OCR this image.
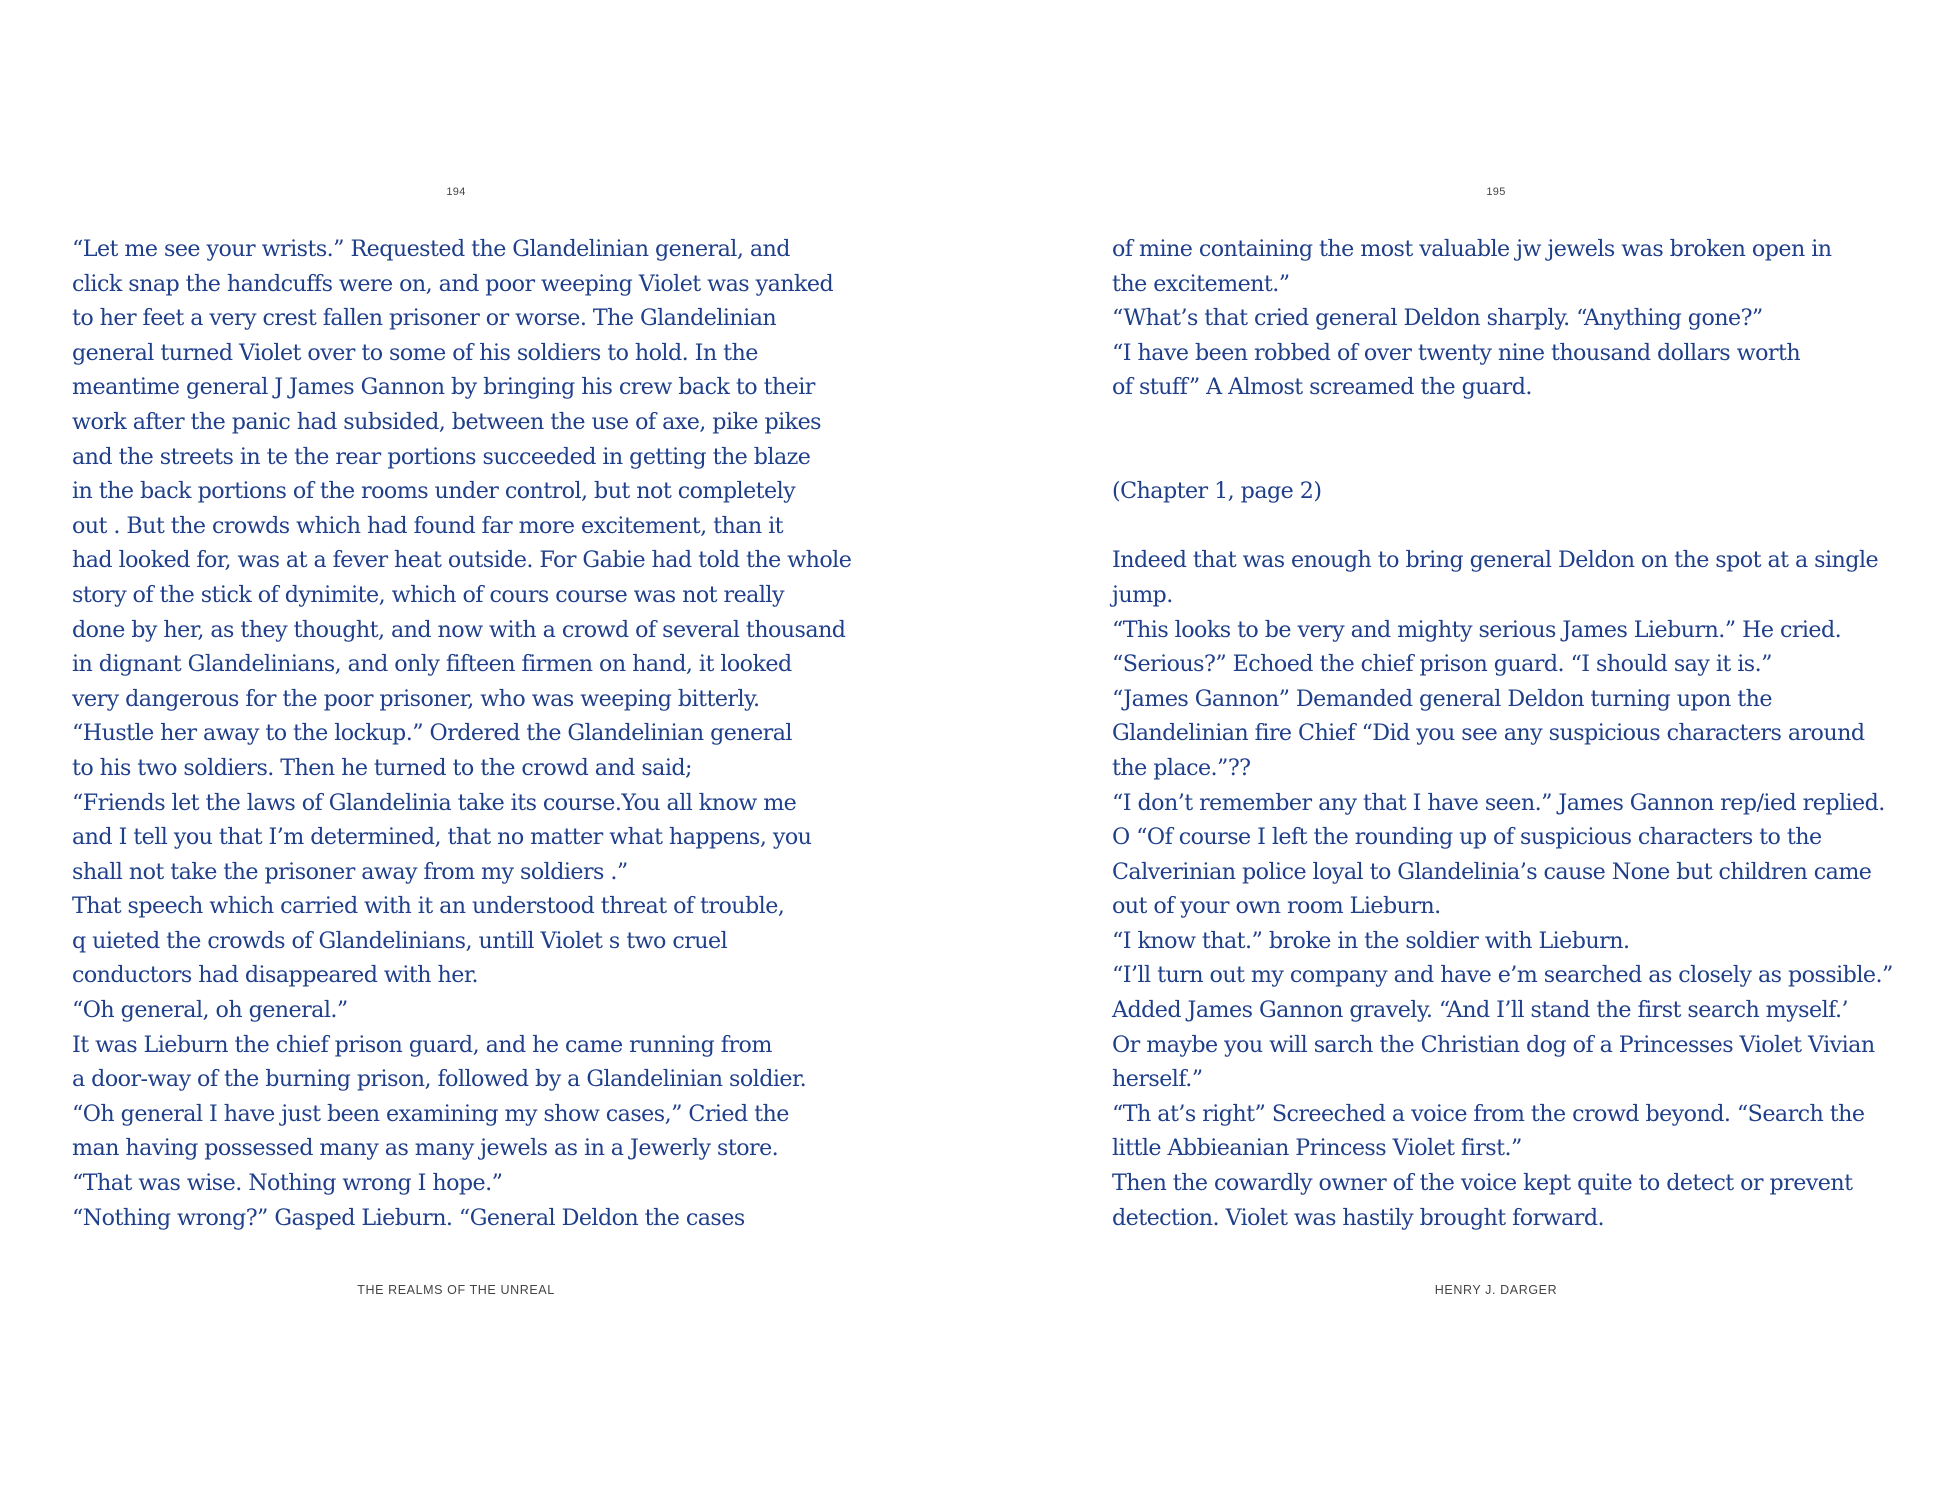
194
“Let me see your wrists.” Requested the Glandelinian general, and
click snap the handcuffs were on, and poor weeping Violet was yanked
to her feet a very crest fallen prisoner or worse. The Glandelinian
general turned Violet over to some of his soldiers to hold. In the
meantime general J James Gannon by bringing his crew back to their
work after the panic had subsided, between the use of axe, pike pikes
and the streets in te the rear portions succeeded in getting the blaze
in the back portions of the rooms under control, but not completely
out . But the crowds which had found far more excitement, than it
had looked for, was at a fever heat outside. For Gabie had told the whole
story of the stick of dynimite, which of cours course was not really
done by her, as they thought, and now with a crowd of several thousand
in dignant Glandelinians, and only fifteen firmen on hand, it looked
very dangerous for the poor prisoner, who was weeping bitterly.
“Hustle her away to the lockup.” Ordered the Glandelinian general
to his two soldiers. Then he turned to the crowd and said;
“Friends let the laws of Glandelinia take its course.You all know me
and I tell you that I’m determined, that no matter what happens, you
shall not take the prisoner away from my soldiers .”
That speech which carried with it an understood threat of trouble,
q uieted the crowds of Glandelinians, untill Violet s two cruel
conductors had disappeared with her.
“Oh general, oh general.”
It was Lieburn the chief prison guard, and he came running from
a door-way of the burning prison, followed by a Glandelinian soldier.
“Oh general I have just been examining my show cases,” Cried the
man having possessed many as many jewels as in a Jewerly store.
“That was wise. Nothing wrong I hope.”
“Nothing wrong?” Gasped Lieburn. “General Deldon the cases
THE REALMS OF THE UNREAL
195
of mine containing the most valuable jw jewels was broken open in
the excitement.”
“What’s that cried general Deldon sharply. “Anything gone?”
“I have been robbed of over twenty nine thousand dollars worth
of stuff” A Almost screamed the guard.
(Chapter 1, page 2)
Indeed that was enough to bring general Deldon on the spot at a single
jump.
“This looks to be very and mighty serious James Lieburn.” He cried.
“Serious?” Echoed the chief prison guard. “I should say it is.”
“James Gannon” Demanded general Deldon turning upon the
Glandelinian fire Chief “Did you see any suspicious characters around
the place.”??
“I don’t remember any that I have seen.” James Gannon rep/ied replied.
O “Of course I left the rounding up of suspicious characters to the
Calverinian police loyal to Glandelinia’s cause None but children came
out of your own room Lieburn.
“I know that.” broke in the soldier with Lieburn.
“I’ll turn out my company and have e’m searched as closely as possible.”
Added James Gannon gravely. “And I’ll stand the first search myself.’
Or maybe you will sarch the Christian dog of a Princesses Violet Vivian
herself.”
“Th at’s right” Screeched a voice from the crowd beyond. “Search the
little Abbieanian Princess Violet first.”
Then the cowardly owner of the voice kept quite to detect or prevent
detection. Violet was hastily brought forward.
HENRY J. DARGER
